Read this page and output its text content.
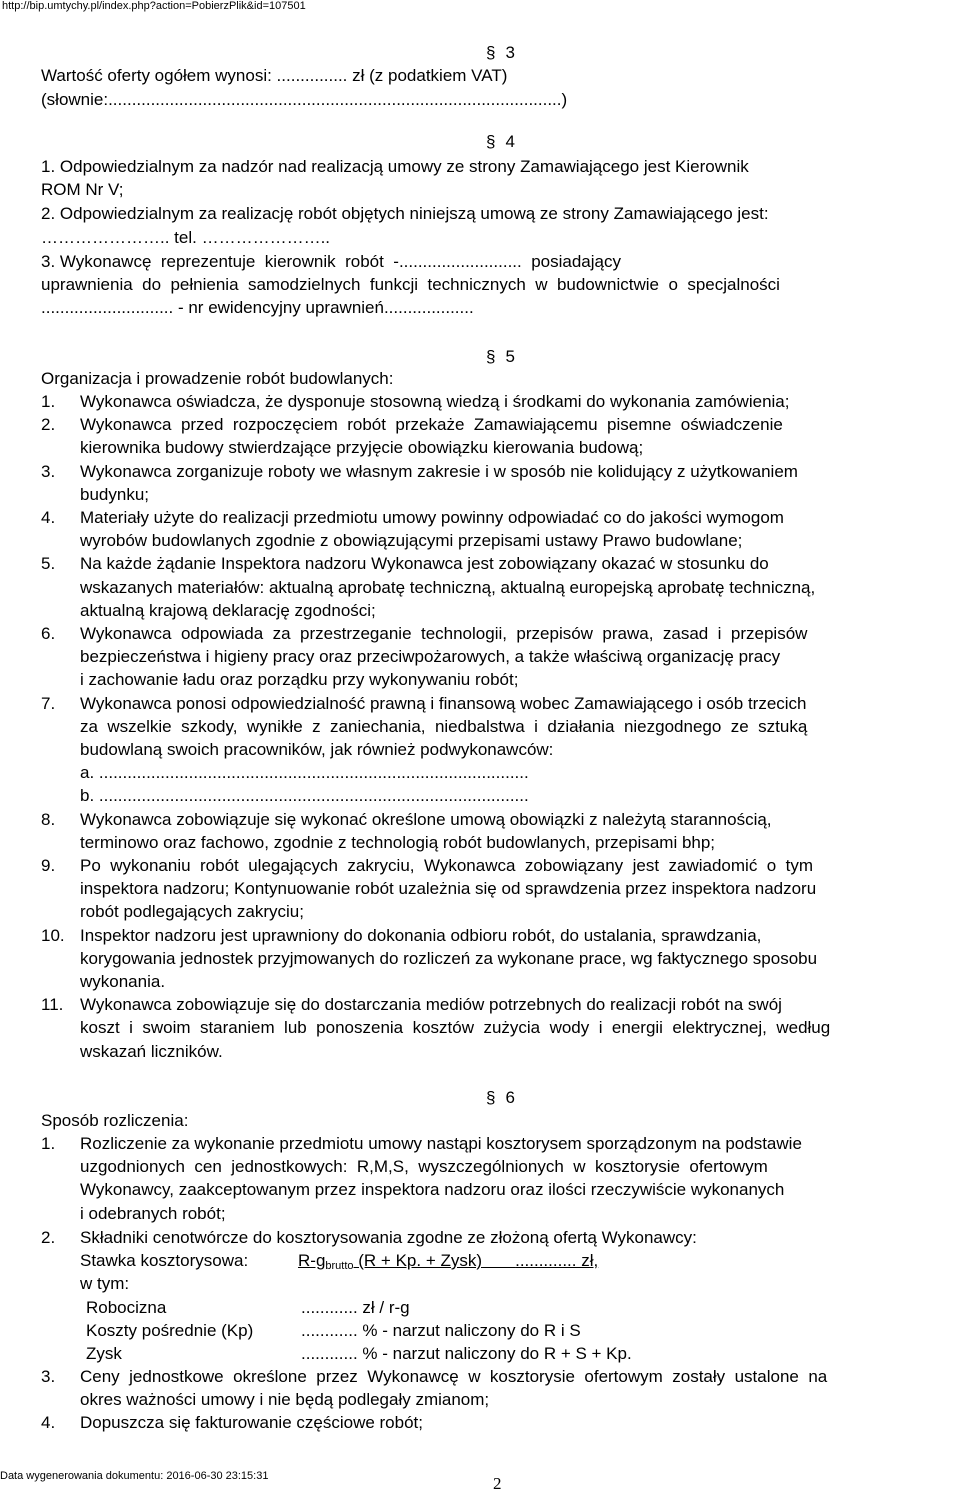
http://bip.umtychy.pl/index.php?action=PobierzPlik&id=107501
§ 3
Wartość oferty ogółem wynosi: ............... zł (z podatkiem VAT)
(słownie:................................................................................................)
§ 4
1. Odpowiedzialnym za nadzór nad realizacją umowy ze strony Zamawiającego jest Kierownik
ROM Nr V;
2. Odpowiedzialnym za realizację robót objętych niniejszą umową ze strony Zamawiającego jest:
………………….. tel. …………………..
3. Wykonawcę  reprezentuje  kierownik  robót  -..........................  posiadający
uprawnienia  do  pełnienia  samodzielnych  funkcji  technicznych  w  budownictwie  o  specjalności
............................ - nr ewidencyjny uprawnień...................
§ 5
Organizacja i prowadzenie robót budowlanych:
1. Wykonawca oświadcza, że dysponuje stosowną wiedzą i środkami do wykonania zamówienia;
2. Wykonawca  przed  rozpoczęciem  robót  przekaże  Zamawiającemu  pisemne  oświadczenie
kierownika budowy stwierdzające przyjęcie obowiązku kierowania budową;
3. Wykonawca zorganizuje roboty we własnym zakresie i w sposób nie kolidujący z użytkowaniem
budynku;
4. Materiały użyte do realizacji przedmiotu umowy powinny odpowiadać co do jakości wymogom
wyrobów budowlanych zgodnie z obowiązującymi przepisami ustawy Prawo budowlane;
5. Na każde żądanie Inspektora nadzoru Wykonawca jest zobowiązany okazać w stosunku do
wskazanych materiałów: aktualną aprobatę techniczną, aktualną europejską aprobatę techniczną,
aktualną krajową deklarację zgodności;
6. Wykonawca  odpowiada  za  przestrzeganie  technologii,  przepisów  prawa,  zasad  i  przepisów
bezpieczeństwa i higieny pracy oraz przeciwpożarowych, a także właściwą organizację pracy
i zachowanie ładu oraz porządku przy wykonywaniu robót;
7. Wykonawca ponosi odpowiedzialność prawną i finansową wobec Zamawiającego i osób trzecich
za  wszelkie  szkody,  wynikłe  z  zaniechania,  niedbalstwa  i  działania  niezgodnego  ze  sztuką
budowlaną swoich pracowników, jak również podwykonawców:
a. ...........................................................................................
b. ...........................................................................................
8. Wykonawca zobowiązuje się wykonać określone umową obowiązki z należytą starannością,
terminowo oraz fachowo, zgodnie z technologią robót budowlanych, przepisami bhp;
9. Po  wykonaniu  robót  ulegających  zakryciu,  Wykonawca  zobowiązany  jest  zawiadomić  o  tym
inspektora nadzoru; Kontynuowanie robót uzależnia się od sprawdzenia przez inspektora nadzoru
robót podlegających zakryciu;
10. Inspektor nadzoru jest uprawniony do dokonania odbioru robót, do ustalania, sprawdzania,
korygowania jednostek przyjmowanych do rozliczeń za wykonane prace, wg faktycznego sposobu
wykonania.
11. Wykonawca zobowiązuje się do dostarczania mediów potrzebnych do realizacji robót na swój
koszt  i  swoim  staraniem  lub  ponoszenia  kosztów  zużycia  wody  i  energii  elektrycznej,  według
wskazań liczników.
§ 6
Sposób rozliczenia:
1. Rozliczenie za wykonanie przedmiotu umowy nastąpi kosztorysem sporządzonym na podstawie
uzgodnionych  cen  jednostkowych:  R,M,S,  wyszczególnionych  w  kosztorysie  ofertowym
Wykonawcy, zaakceptowanym przez inspektora nadzoru oraz ilości rzeczywiście wykonanych
i odebranych robót;
2. Składniki cenotwórcze do kosztorysowania zgodne ze złożoną ofertą Wykonawcy:
Stawka kosztorysowa:	$R-g_{brutto}$ (R + Kp. + Zysk) ............. zł,
w tym:
Robocizna	............ zł / r-g
Koszty pośrednie (Kp)	............ % - narzut naliczony do R i S
Zysk	............ % - narzut naliczony do R + S + Kp.
3. Ceny  jednostkowe  określone  przez  Wykonawcę  w  kosztorysie  ofertowym  zostały  ustalone  na
okres ważności umowy i nie będą podlegały zmianom;
4. Dopuszcza się fakturowanie częściowe robót;
Data wygenerowania dokumentu: 2016-06-30 23:15:31	2
